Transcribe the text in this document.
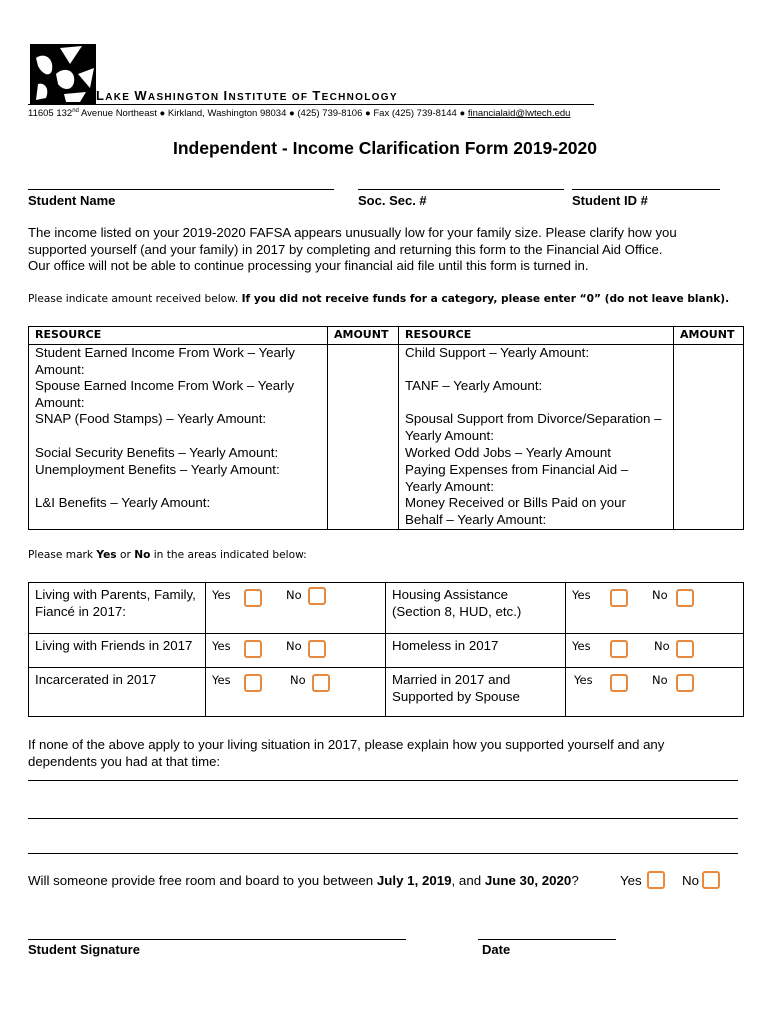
LAKE WASHINGTON INSTITUTE OF TECHNOLOGY
11605 132nd Avenue Northeast ● Kirkland, Washington 98034 ● (425) 739-8106 ● Fax (425) 739-8144 ● financialaid@lwtech.edu
Independent - Income Clarification Form 2019-2020
Student Name	Soc. Sec. #	Student ID #
The income listed on your 2019-2020 FAFSA appears unusually low for your family size. Please clarify how you
supported yourself (and your family) in 2017 by completing and returning this form to the Financial Aid Office.
Our office will not be able to continue processing your financial aid file until this form is turned in.
Please indicate amount received below. If you did not receive funds for a category, please enter “0” (do not leave blank).
RESOURCE	AMOUNT	RESOURCE	AMOUNT
Student Earned Income From Work – Yearly Amount:		Child Support – Yearly Amount:	
Spouse Earned Income From Work – Yearly Amount:		TANF – Yearly Amount:	
SNAP (Food Stamps) – Yearly Amount:		Spousal Support from Divorce/Separation – Yearly Amount:	
Social Security Benefits – Yearly Amount:		Worked Odd Jobs – Yearly Amount	
Unemployment Benefits – Yearly Amount:		Paying Expenses from Financial Aid – Yearly Amount:	
L&I Benefits – Yearly Amount:		Money Received or Bills Paid on your Behalf – Yearly Amount:	
Please mark Yes or No in the areas indicated below:
Living with Parents, Family, Fiancé in 2017:	Yes No	Housing Assistance (Section 8, HUD, etc.)	Yes No

Living with Friends in 2017	Yes No	Homeless in 2017	Yes No

Incarcerated in 2017	Yes No	Married in 2017 and Supported by Spouse	Yes No
If none of the above apply to your living situation in 2017, please explain how you supported yourself and any
dependents you had at that time:
Will someone provide free room and board to you between July 1, 2019, and June 30, 2020?	Yes	No
Student Signature	Date
